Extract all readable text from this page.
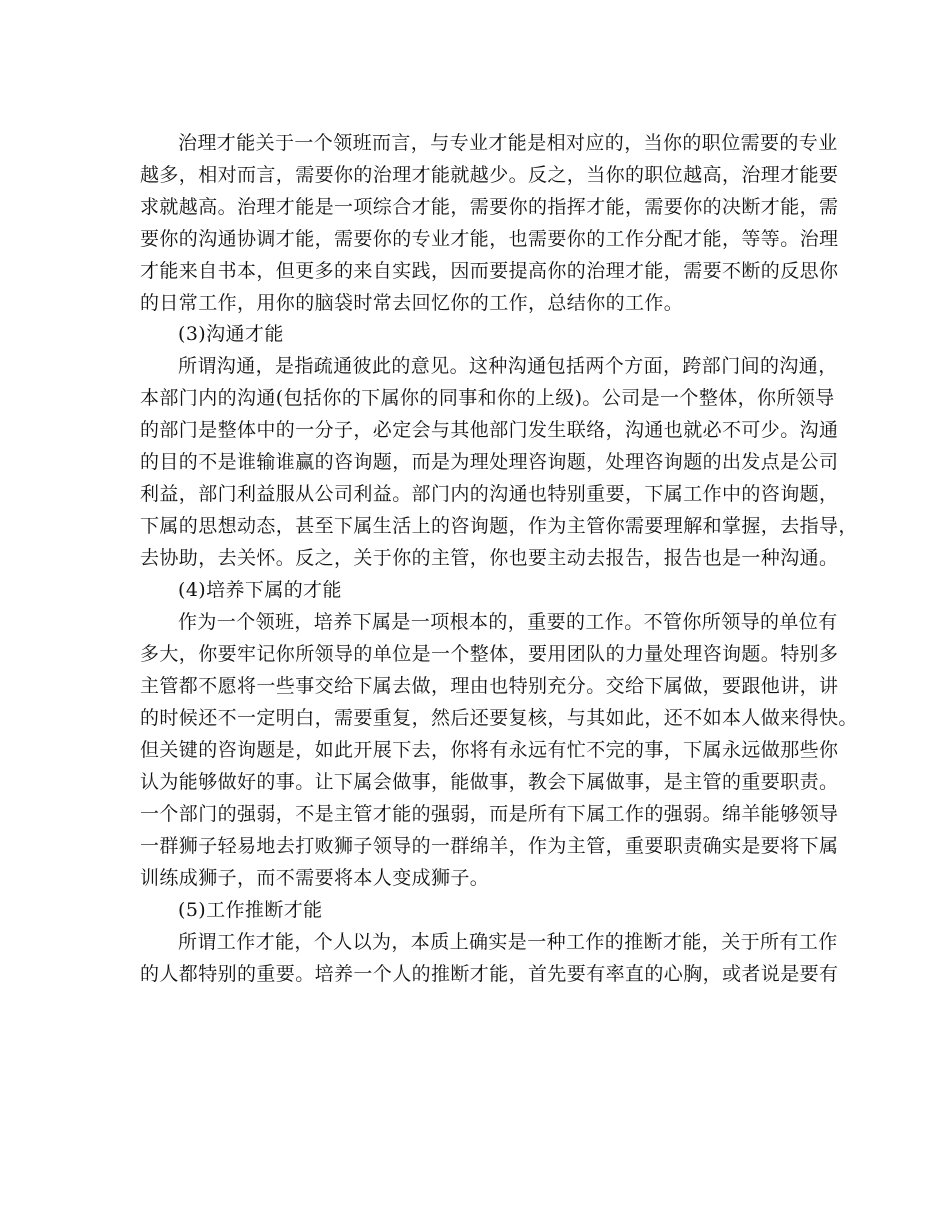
治理才能关于一个领班而言，与专业才能是相对应的，当你的职位需要的专业
越多，相对而言，需要你的治理才能就越少。反之，当你的职位越高，治理才能要
求就越高。治理才能是一项综合才能，需要你的指挥才能，需要你的决断才能，需
要你的沟通协调才能，需要你的专业才能，也需要你的工作分配才能，等等。治理
才能来自书本，但更多的来自实践，因而要提高你的治理才能，需要不断的反思你
的日常工作，用你的脑袋时常去回忆你的工作，总结你的工作。
(3)沟通才能
所谓沟通，是指疏通彼此的意见。这种沟通包括两个方面，跨部门间的沟通，
本部门内的沟通(包括你的下属你的同事和你的上级)。公司是一个整体，你所领导
的部门是整体中的一分子，必定会与其他部门发生联络，沟通也就必不可少。沟通
的目的不是谁输谁赢的咨询题，而是为理处理咨询题，处理咨询题的出发点是公司
利益，部门利益服从公司利益。部门内的沟通也特别重要，下属工作中的咨询题，
下属的思想动态，甚至下属生活上的咨询题，作为主管你需要理解和掌握，去指导，
去协助，去关怀。反之，关于你的主管，你也要主动去报告，报告也是一种沟通。
(4)培养下属的才能
作为一个领班，培养下属是一项根本的，重要的工作。不管你所领导的单位有
多大，你要牢记你所领导的单位是一个整体，要用团队的力量处理咨询题。特别多
主管都不愿将一些事交给下属去做，理由也特别充分。交给下属做，要跟他讲，讲
的时候还不一定明白，需要重复，然后还要复核，与其如此，还不如本人做来得快。
但关键的咨询题是，如此开展下去，你将有永远有忙不完的事，下属永远做那些你
认为能够做好的事。让下属会做事，能做事，教会下属做事，是主管的重要职责。
一个部门的强弱，不是主管才能的强弱，而是所有下属工作的强弱。绵羊能够领导
一群狮子轻易地去打败狮子领导的一群绵羊，作为主管，重要职责确实是要将下属
训练成狮子，而不需要将本人变成狮子。
(5)工作推断才能
所谓工作才能，个人以为，本质上确实是一种工作的推断才能，关于所有工作
的人都特别的重要。培养一个人的推断才能，首先要有率直的心胸，或者说是要有
